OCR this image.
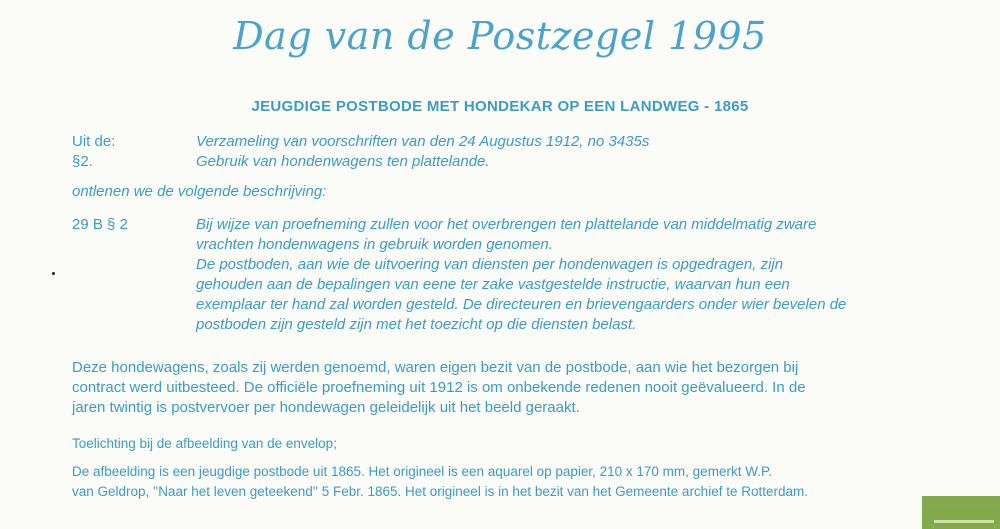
Dag van de Postzegel 1995
JEUGDIGE POSTBODE MET HONDEKAR OP EEN LANDWEG - 1865
Uit de:	Verzameling van voorschriften van den 24 Augustus 1912, no 3435s
§2.	Gebruik van hondenwagens ten plattelande.
ontlenen we de volgende beschrijving:
29 B § 2	Bij wijze van proefneming zullen voor het overbrengen ten plattelande van middelmatig zware

vrachten hondenwagens in gebruik worden genomen.

De postboden, aan wie de uitvoering van diensten per hondenwagen is opgedragen, zijn

gehouden aan de bepalingen van eene ter zake vastgestelde instructie, waarvan hun een

exemplaar ter hand zal worden gesteld. De directeuren en brievengaarders onder wier bevelen de

postboden zijn gesteld zijn met het toezicht op die diensten belast.

Deze hondewagens, zoals zij werden genoemd, waren eigen bezit van de postbode, aan wie het bezorgen bij

contract werd uitbesteed. De officiële proefneming uit 1912 is om onbekende redenen nooit geëvalueerd. In de

jaren twintig is postvervoer per hondewagen geleidelijk uit het beeld geraakt.

Toelichting bij de afbeelding van de envelop;

De afbeelding is een jeugdige postbode uit 1865. Het origineel is een aquarel op papier, 210 x 170 mm, gemerkt W.P.

van Geldrop, ''Naar het leven geteekend'' 5 Febr. 1865. Het origineel is in het bezit van het Gemeente archief te Rotterdam.
